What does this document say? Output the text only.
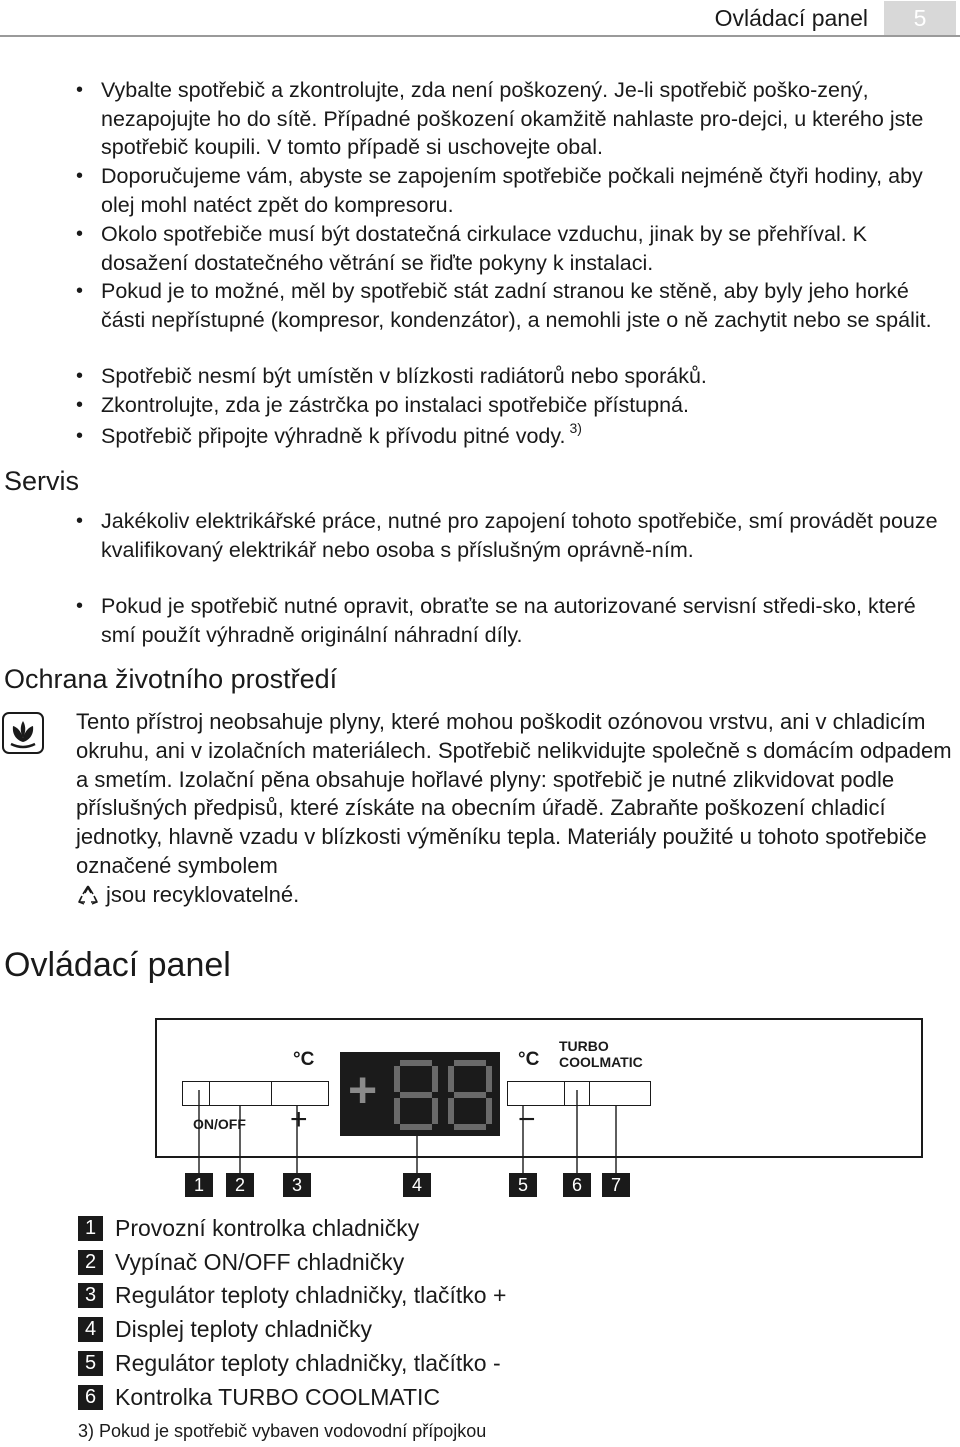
Ovládací panel	5
• Vybalte spotřebič a zkontrolujte, zda není poškozený. Je-li spotřebič poško-zený, nezapojujte ho do sítě. Případné poškození okamžitě nahlaste pro-dejci, u kterého jste spotřebič koupili. V tomto případě si uschovejte obal.
• Doporučujeme vám, abyste se zapojením spotřebiče počkali nejméně čtyři hodiny, aby olej mohl natéct zpět do kompresoru.
• Okolo spotřebiče musí být dostatečná cirkulace vzduchu, jinak by se přehříval. K dosažení dostatečného větrání se řiďte pokyny k instalaci.
• Pokud je to možné, měl by spotřebič stát zadní stranou ke stěně, aby byly jeho horké části nepřístupné (kompresor, kondenzátor), a nemohli jste o ně zachytit nebo se spálit.
• Spotřebič nesmí být umístěn v blízkosti radiátorů nebo sporáků.
• Zkontrolujte, zda je zástrčka po instalaci spotřebiče přístupná.
• Spotřebič připojte výhradně k přívodu pitné vody. $^{3)}$
Servis
• Jakékoliv elektrikářské práce, nutné pro zapojení tohoto spotřebiče, smí provádět pouze kvalifikovaný elektrikář nebo osoba s příslušným oprávně-ním.
• Pokud je spotřebič nutné opravit, obraťte se na autorizované servisní středi-sko, které smí použít výhradně originální náhradní díly.
Ochrana životního prostředí
Tento přístroj neobsahuje plyny, které mohou poškodit ozónovou vrstvu, ani v chladicím okruhu, ani v izolačních materiálech. Spotřebič nelikvidujte společně s domácím odpadem a smetím. Izolační pěna obsahuje hořlavé plyny: spotřebič je nutné zlikvidovat podle příslušných předpisů, které získáte na obecním úřadě. Zabraňte poškození chladicí jednotky, hlavně vzadu v blízkosti výměníku tepla. Materiály použité u tohoto spotřebiče označené symbolem
jsou recyklovatelné.
Ovládací panel
°C	°C
TURBO
COOLMATIC
ON/OFF +	−
+
1	2	3	4	5	6	7
1 Provozní kontrolka chladničky
2 Vypínač ON/OFF chladničky
3 Regulátor teploty chladničky, tlačítko +
4 Displej teploty chladničky
5 Regulátor teploty chladničky, tlačítko -
6 Kontrolka TURBO COOLMATIC
3) Pokud je spotřebič vybaven vodovodní přípojkou
